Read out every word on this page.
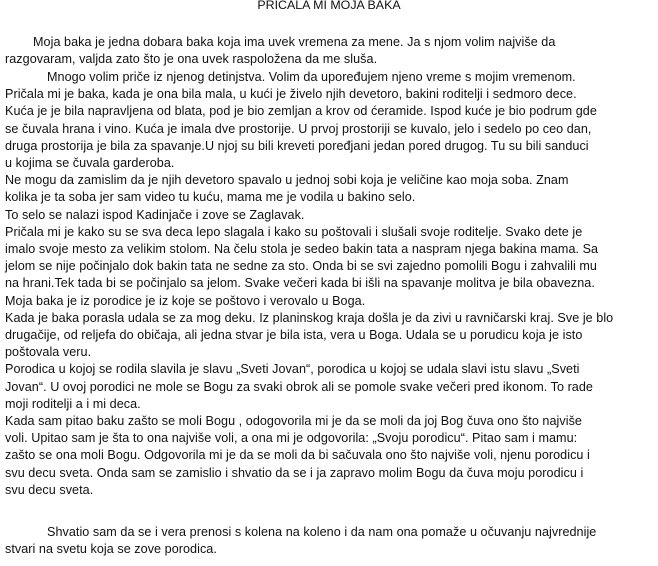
PRICALA MI MOJA BAKA
Moja baka je jedna dobara baka koja ima uvek vremena za mene. Ja s njom volim najviše da
razgovaram, valjda zato što je ona uvek raspoložena da me sluša.
Mnogo volim priče iz njenog detinjstva. Volim da upoređujem njeno vreme s mojim vremenom.
Pričala mi je baka, kada je ona bila mala, u kući je živelo njih devetoro, bakini roditelji i sedmoro dece.
Kuća je je bila napravljena od blata, pod je bio zemljan a krov od ćeramide. Ispod kuće je bio podrum gde
se čuvala hrana i vino. Kuća je imala dve prostorije. U prvoj prostoriji se kuvalo, jelo i sedelo po ceo dan,
druga prostorija je bila za spavanje.U njoj su bili kreveti poređjani jedan pored drugog. Tu su bili sanduci
u kojima se čuvala garderoba.
Ne mogu da zamislim da je njih devetoro spavalo u jednoj sobi koja je veličine kao moja soba. Znam
kolika je ta soba jer sam video tu kuću, mama me je vodila u bakino selo.
To selo se nalazi ispod Kadinjače i zove se Zaglavak.
Pričala mi je kako su se sva deca lepo slagala i kako su poštovali i slušali svoje roditelje. Svako dete je
imalo svoje mesto za velikim stolom. Na čelu stola je sedeo bakin tata a naspram njega bakina mama. Sa
jelom se nije počinjalo dok bakin tata ne sedne za sto. Onda bi se svi zajedno pomolili Bogu i zahvalili mu
na hrani.Tek tada bi se počinjalo sa jelom. Svake večeri kada bi išli na spavanje molitva je bila obavezna.
Moja baka je iz porodice je iz koje se poštovo i verovalo u Boga.
Kada je baka porasla udala se za mog deku. Iz planinskog kraja došla je da zivi u ravničarski kraj. Sve je blo
drugačije, od reljefa do običaja, ali jedna stvar je bila ista, vera u Boga. Udala se u porudicu koja je isto
poštovala veru.
Porodica u kojoj se rodila slavila je slavu „Sveti Jovan“, porodica u kojoj se udala slavi istu slavu „Sveti
Jovan“. U ovoj porodici ne mole se Bogu za svaki obrok ali se pomole svake večeri pred ikonom. To rade
moji roditelji a i mi deca.
Kada sam pitao baku zašto se moli Bogu , odogovorila mi je da se moli da joj Bog čuva ono što najviše
voli. Upitao sam je šta to ona najviše voli, a ona mi je odgovorila: „Svoju porodicu“. Pitao sam i mamu:
zašto se ona moli Bogu. Odgovorila mi je da se moli da bi sačuvala ono što najviše voli, njenu porodicu i
svu decu sveta. Onda sam se zamislio i shvatio da se i ja zapravo molim Bogu da čuva moju porodicu i
svu decu sveta.
Shvatio sam da se i vera prenosi s kolena na koleno i da nam ona pomaže u očuvanju najvrednije
stvari na svetu koja se zove porodica.
